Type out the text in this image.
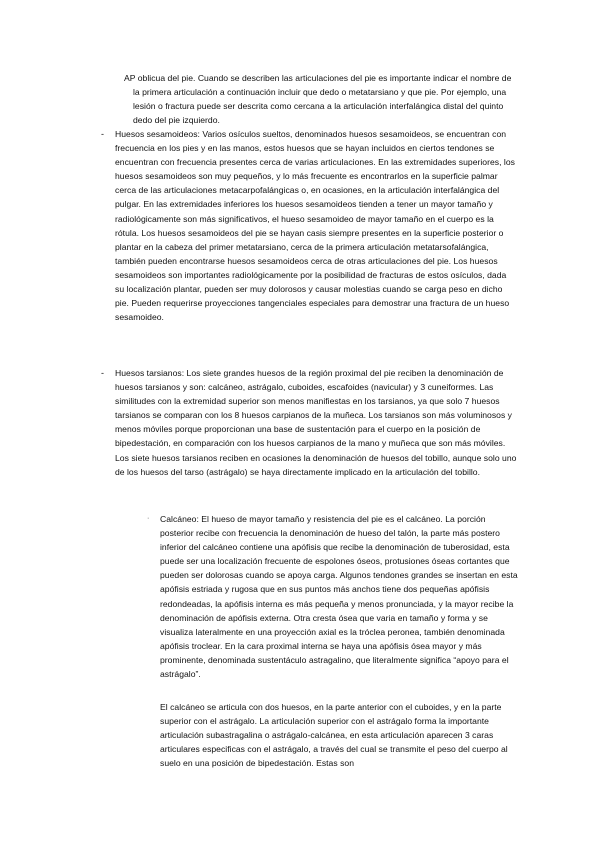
AP oblicua del pie. Cuando se describen las articulaciones del pie es importante indicar el nombre de la primera articulación a continuación incluir que dedo o metatarsiano y que pie. Por ejemplo, una lesión o fractura puede ser descrita como cercana a la articulación interfalángica distal del quinto dedo del pie izquierdo.

- Huesos sesamoideos: Varios osículos sueltos, denominados huesos sesamoideos, se encuentran con frecuencia en los pies y en las manos, estos huesos que se hayan incluidos en ciertos tendones se encuentran con frecuencia presentes cerca de varias articulaciones. En las extremidades superiores, los huesos sesamoideos son muy pequeños, y lo más frecuente es encontrarlos en la superficie palmar cerca de las articulaciones metacarpofalángicas o, en ocasiones, en la articulación interfalángica del pulgar. En las extremidades inferiores los huesos sesamoideos tienden a tener un mayor tamaño y radiológicamente son más significativos, el hueso sesamoideo de mayor tamaño en el cuerpo es la rótula. Los huesos sesamoideos del pie se hayan casis siempre presentes en la superficie posterior o plantar en la cabeza del primer metatarsiano, cerca de la primera articulación metatarsofalángica, también pueden encontrarse huesos sesamoideos cerca de otras articulaciones del pie. Los huesos sesamoideos son importantes radiológicamente por la posibilidad de fracturas de estos osículos, dada su localización plantar, pueden ser muy dolorosos y causar molestias cuando se carga peso en dicho pie. Pueden requerirse proyecciones tangenciales especiales para demostrar una fractura de un hueso sesamoideo.

- Huesos tarsianos: Los siete grandes huesos de la región proximal del pie reciben la denominación de huesos tarsianos y son: calcáneo, astrágalo, cuboides, escafoides (navicular) y 3 cuneiformes. Las similitudes con la extremidad superior son menos manifiestas en los tarsianos, ya que solo 7 huesos tarsianos se comparan con los 8 huesos carpianos de la muñeca. Los tarsianos son más voluminosos y menos móviles porque proporcionan una base de sustentación para el cuerpo en la posición de bipedestación, en comparación con los huesos carpianos de la mano y muñeca que son más móviles. Los siete huesos tarsianos reciben en ocasiones la denominación de huesos del tobillo, aunque solo uno de los huesos del tarso (astrágalo) se haya directamente implicado en la articulación del tobillo.

· Calcáneo: El hueso de mayor tamaño y resistencia del pie es el calcáneo. La porción posterior recibe con frecuencia la denominación de hueso del talón, la parte más postero inferior del calcáneo contiene una apófisis que recibe la denominación de tuberosidad, esta puede ser una localización frecuente de espolones óseos, protusiones óseas cortantes que pueden ser dolorosas cuando se apoya carga. Algunos tendones grandes se insertan en esta apófisis estriada y rugosa que en sus puntos más anchos tiene dos pequeñas apófisis redondeadas, la apófisis interna es más pequeña y menos pronunciada, y la mayor recibe la denominación de apófisis externa. Otra cresta ósea que varia en tamaño y forma y se visualiza lateralmente en una proyección axial es la tróclea peronea, también denominada apófisis troclear. En la cara proximal interna se haya una apófisis ósea mayor y más prominente, denominada sustentáculo astragalino, que literalmente significa “apoyo para el astrágalo”.

El calcáneo se articula con dos huesos, en la parte anterior con el cuboides, y en la parte superior con el astrágalo. La articulación superior con el astrágalo forma la importante articulación subastragalina o astrágalo-calcánea, en esta articulación aparecen 3 caras articulares especificas con el astrágalo, a través del cual se transmite el peso del cuerpo al suelo en una posición de bipedestación. Estas son
